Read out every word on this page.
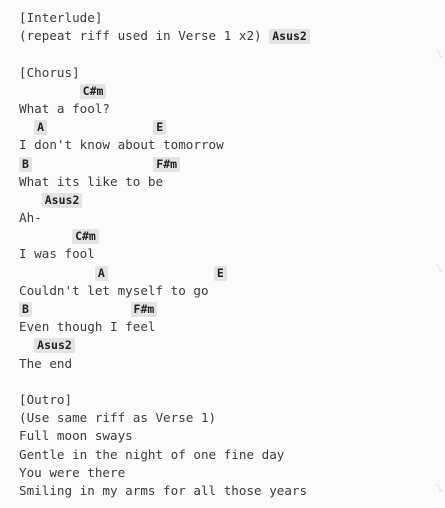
[Interlude]
(repeat riff used in Verse 1 x2) Asus2

[Chorus]
C#m
What a fool?
A	E
I don't know about tomorrow
B	F#m
What its like to be
Asus2
Ah-
C#m
I was fool
A	E
Couldn't let myself to go
B	F#m
Even though I feel
Asus2
The end

[Outro]
(Use same riff as Verse 1)
Full moon sways
Gentle in the night of one fine day
You were there
Smiling in my arms for all those years
1
1
1
